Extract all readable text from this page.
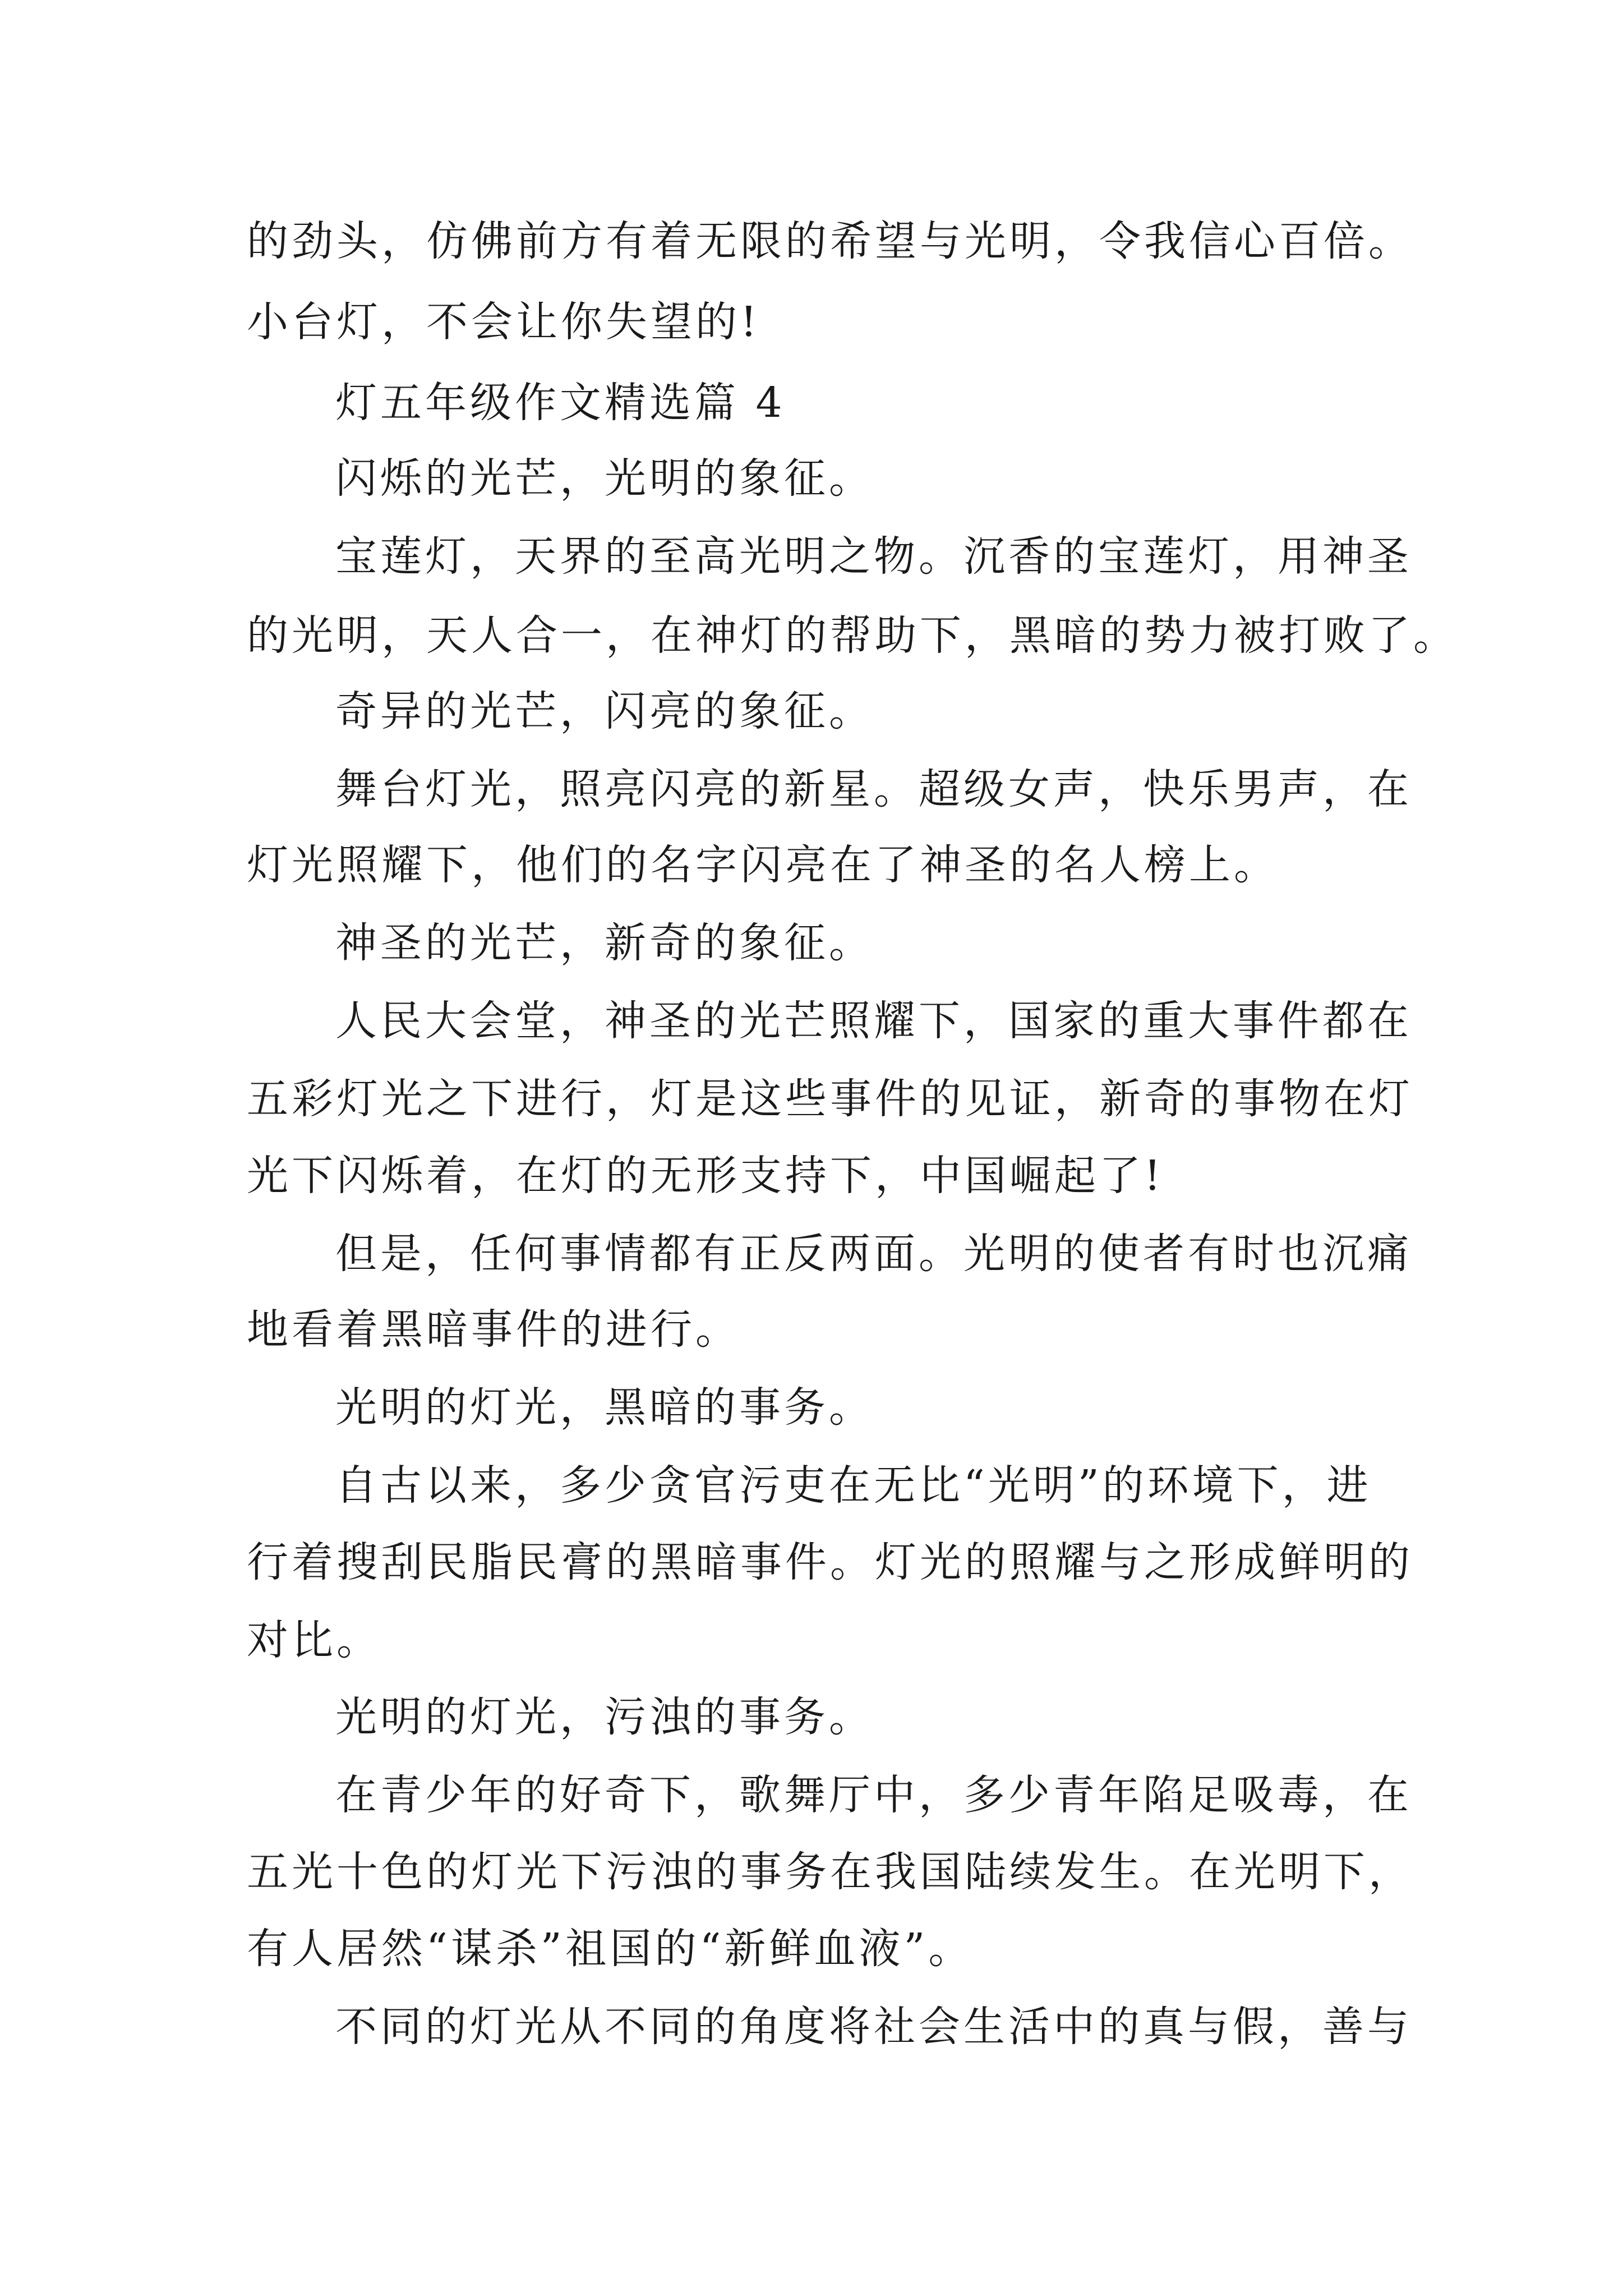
的劲头，仿佛前方有着无限的希望与光明，令我信心百倍。
小台灯，不会让你失望的!
灯五年级作文精选篇 4
闪烁的光芒，光明的象征。
宝莲灯，天界的至高光明之物。沉香的宝莲灯，用神圣
的光明，天人合一，在神灯的帮助下，黑暗的势力被打败了。
奇异的光芒，闪亮的象征。
舞台灯光，照亮闪亮的新星。超级女声，快乐男声，在
灯光照耀下，他们的名字闪亮在了神圣的名人榜上。
神圣的光芒，新奇的象征。
人民大会堂，神圣的光芒照耀下，国家的重大事件都在
五彩灯光之下进行，灯是这些事件的见证，新奇的事物在灯
光下闪烁着，在灯的无形支持下，中国崛起了!
但是，任何事情都有正反两面。光明的使者有时也沉痛
地看着黑暗事件的进行。
光明的灯光，黑暗的事务。
自古以来，多少贪官污吏在无比“光明”的环境下，进
行着搜刮民脂民膏的黑暗事件。灯光的照耀与之形成鲜明的
对比。
光明的灯光，污浊的事务。
在青少年的好奇下，歌舞厅中，多少青年陷足吸毒，在
五光十色的灯光下污浊的事务在我国陆续发生。在光明下，
有人居然“谋杀”祖国的“新鲜血液”。
不同的灯光从不同的角度将社会生活中的真与假，善与
